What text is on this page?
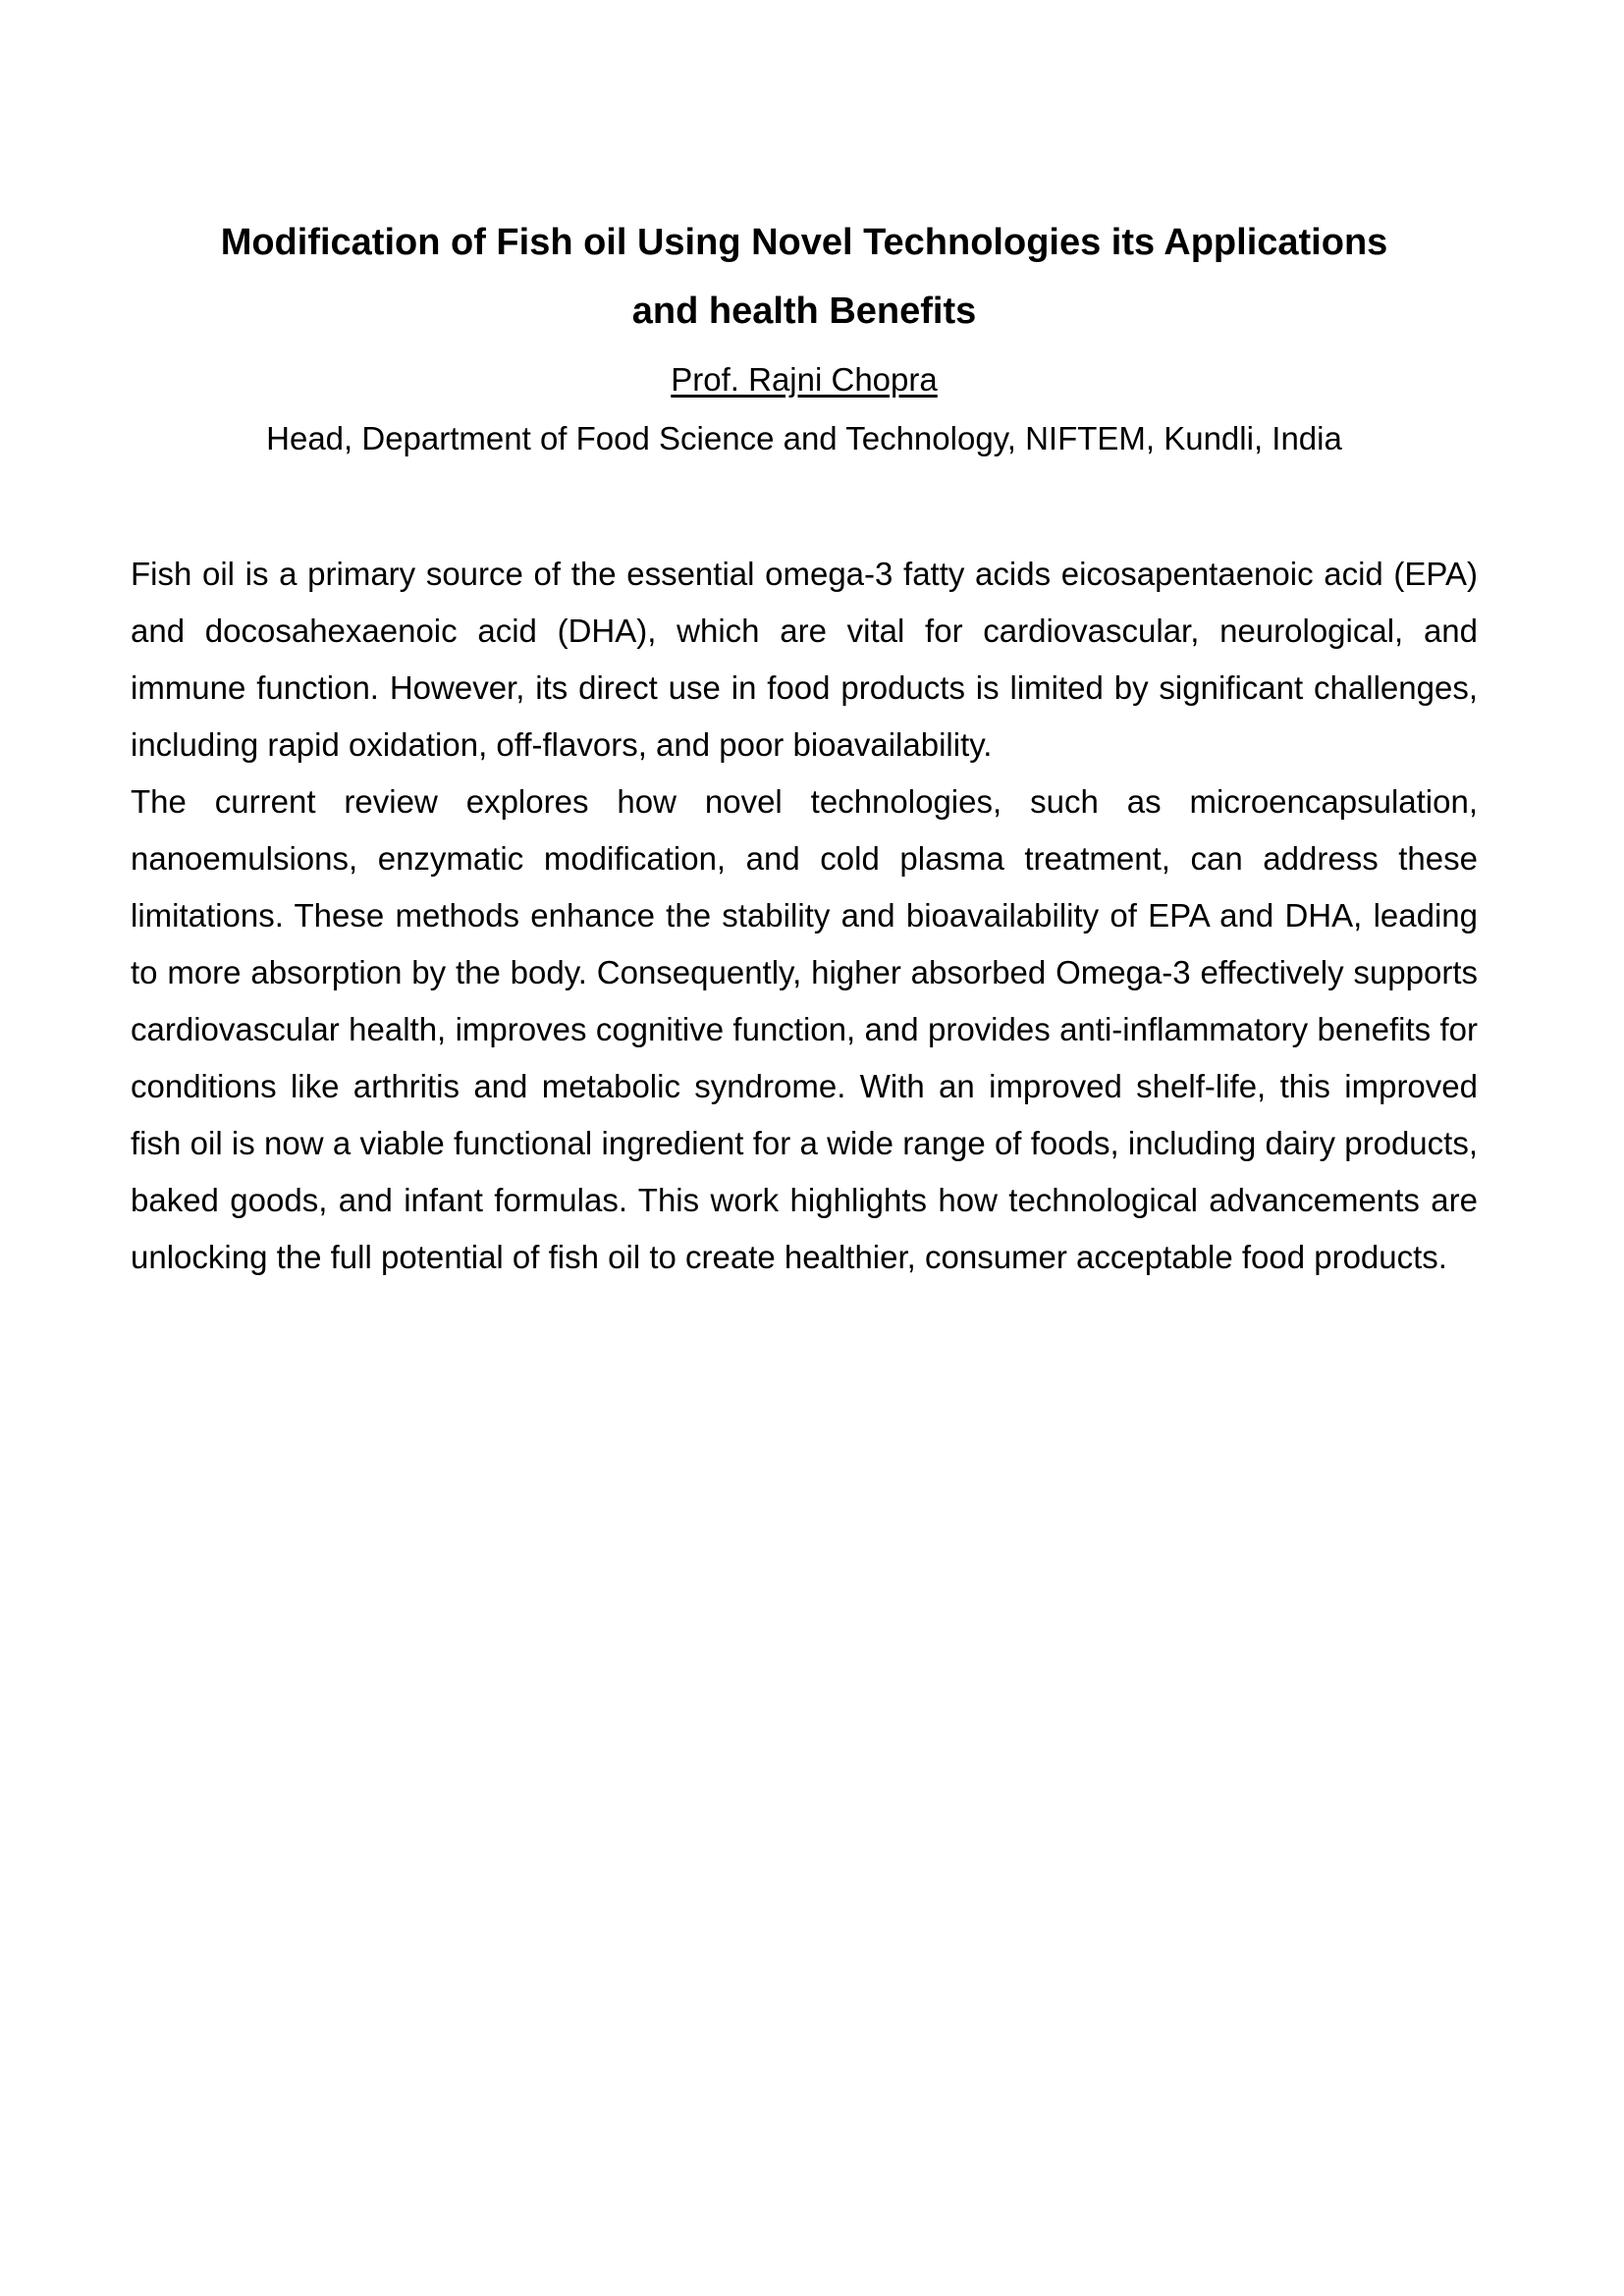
Modification of Fish oil Using Novel Technologies its Applications
and health Benefits
Prof. Rajni Chopra
Head, Department of Food Science and Technology, NIFTEM, Kundli, India

Fish oil is a primary source of the essential omega-3 fatty acids eicosapentaenoic acid (EPA) and docosahexaenoic acid (DHA), which are vital for cardiovascular, neurological, and immune function. However, its direct use in food products is limited by significant challenges, including rapid oxidation, off-flavors, and poor bioavailability.

The current review explores how novel technologies, such as microencapsulation, nanoemulsions, enzymatic modification, and cold plasma treatment, can address these limitations. These methods enhance the stability and bioavailability of EPA and DHA, leading to more absorption by the body. Consequently, higher absorbed Omega-3 effectively supports cardiovascular health, improves cognitive function, and provides anti-inflammatory benefits for conditions like arthritis and metabolic syndrome. With an improved shelf-life, this improved fish oil is now a viable functional ingredient for a wide range of foods, including dairy products, baked goods, and infant formulas. This work highlights how technological advancements are unlocking the full potential of fish oil to create healthier, consumer acceptable food products.
